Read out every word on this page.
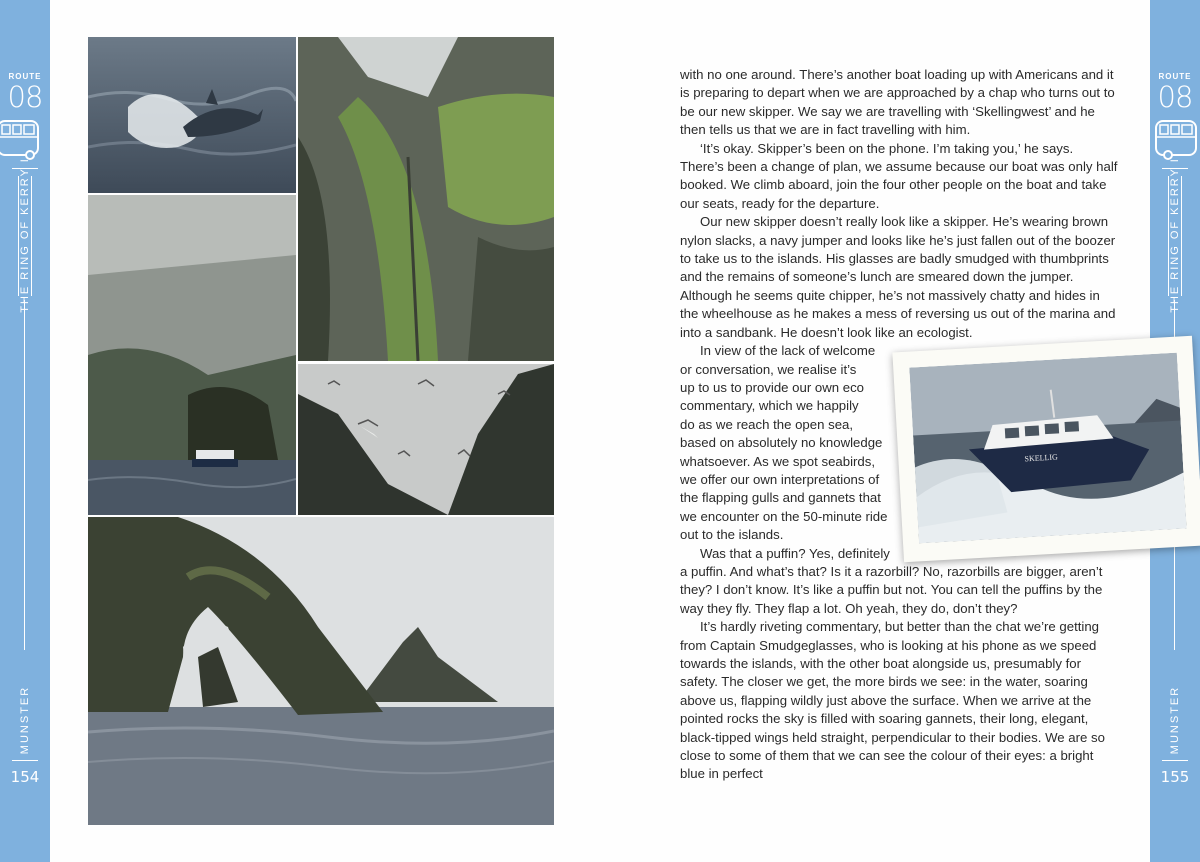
ROUTE
08
THE RING OF KERRY I
MUNSTER
154
ROUTE
08
THE RING OF KERRY I
MUNSTER
155

with no one around. There’s another boat loading up with Americans and it is preparing to depart when we are approached by a chap who turns out to be our new skipper. We say we are travelling with ‘Skellingwest’ and he then tells us that we are in fact travelling with him.

‘It’s okay. Skipper’s been on the phone. I’m taking you,’ he says. There’s been a change of plan, we assume because our boat was only half booked. We climb aboard, join the four other people on the boat and take our seats, ready for the departure.

Our new skipper doesn’t really look like a skipper. He’s wearing brown nylon slacks, a navy jumper and looks like he’s just fallen out of the boozer to take us to the islands. His glasses are badly smudged with thumbprints and the remains of someone’s lunch are smeared down the jumper. Although he seems quite chipper, he’s not massively chatty and hides in the wheelhouse as he makes a mess of reversing us out of the marina and into a sandbank. He doesn’t look like an ecologist.

In view of the lack of welcome
or conversation, we realise it’s
up to us to provide our own eco
commentary, which we happily
do as we reach the open sea,
based on absolutely no knowledge
whatsoever. As we spot seabirds,
we offer our own interpretations of
the flapping gulls and gannets that
we encounter on the 50-minute ride
out to the islands.

Was that a puffin? Yes, definitely
a puffin. And what’s that? Is it a razorbill? No, razorbills are bigger, aren’t they? I don’t know. It’s like a puffin but not. You can tell the puffins by the way they fly. They flap a lot. Oh yeah, they do, don’t they?

It’s hardly riveting commentary, but better than the chat we’re getting from Captain Smudgeglasses, who is looking at his phone as we speed towards the islands, with the other boat alongside us, presumably for safety. The closer we get, the more birds we see: in the water, soaring above us, flapping wildly just above the surface. When we arrive at the pointed rocks the sky is filled with soaring gannets, their long, elegant, black-tipped wings held straight, perpendicular to their bodies. We are so close to some of them that we can see the colour of their eyes: a bright blue in perfect

SKELLIG
